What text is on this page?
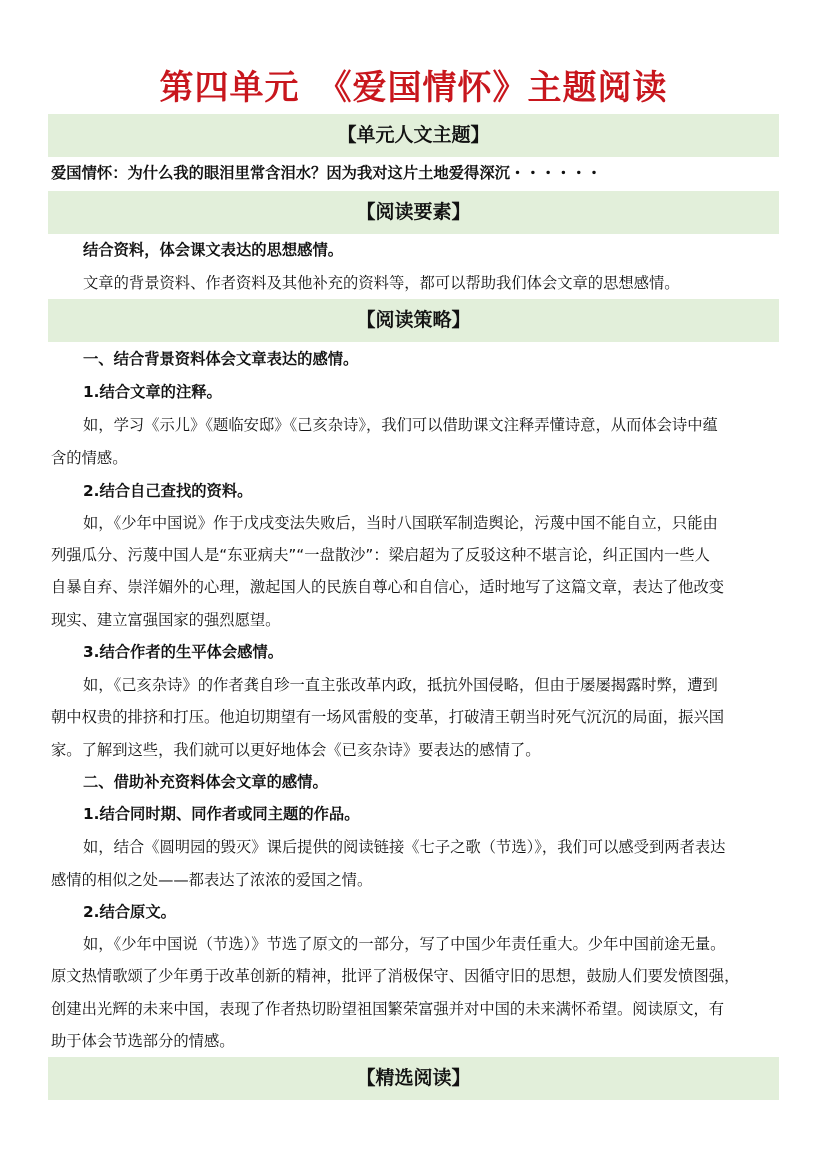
第四单元　《爱国情怀》主题阅读
【单元人文主题】
爱国情怀：为什么我的眼泪里常含泪水？因为我对这片土地爱得深沉・・・・・・
【阅读要素】
结合资料，体会课文表达的思想感情。
文章的背景资料、作者资料及其他补充的资料等，都可以帮助我们体会文章的思想感情。
【阅读策略】
一、结合背景资料体会文章表达的感情。
1.结合文章的注释。
如，学习《示儿》《题临安邸》《己亥杂诗》，我们可以借助课文注释弄懂诗意，从而体会诗中蕴
含的情感。
2.结合自己查找的资料。
如，《少年中国说》作于戊戌变法失败后，当时八国联军制造舆论，污蔑中国不能自立，只能由
列强瓜分、污蔑中国人是“东亚病夫”“一盘散沙”：梁启超为了反驳这种不堪言论，纠正国内一些人
自暴自弃、崇洋媚外的心理，激起国人的民族自尊心和自信心，适时地写了这篇文章，表达了他改变
现实、建立富强国家的强烈愿望。
3.结合作者的生平体会感情。
如，《己亥杂诗》的作者龚自珍一直主张改革内政，抵抗外国侵略，但由于屡屡揭露时弊，遭到
朝中权贵的排挤和打压。他迫切期望有一场风雷般的变革，打破清王朝当时死气沉沉的局面，振兴国
家。了解到这些，我们就可以更好地体会《已亥杂诗》要表达的感情了。
二、借助补充资料体会文章的感情。
1.结合同时期、同作者或同主题的作品。
如，结合《圆明园的毁灭》课后提供的阅读链接《七子之歌（节选）》，我们可以感受到两者表达
感情的相似之处——都表达了浓浓的爱国之情。
2.结合原文。
如，《少年中国说（节选）》节选了原文的一部分，写了中国少年责任重大。少年中国前途无量。
原文热情歌颂了少年勇于改革创新的精神，批评了消极保守、因循守旧的思想，鼓励人们要发愤图强，
创建出光辉的未来中国，表现了作者热切盼望祖国繁荣富强并对中国的未来满怀希望。阅读原文，有
助于体会节选部分的情感。
【精选阅读】
